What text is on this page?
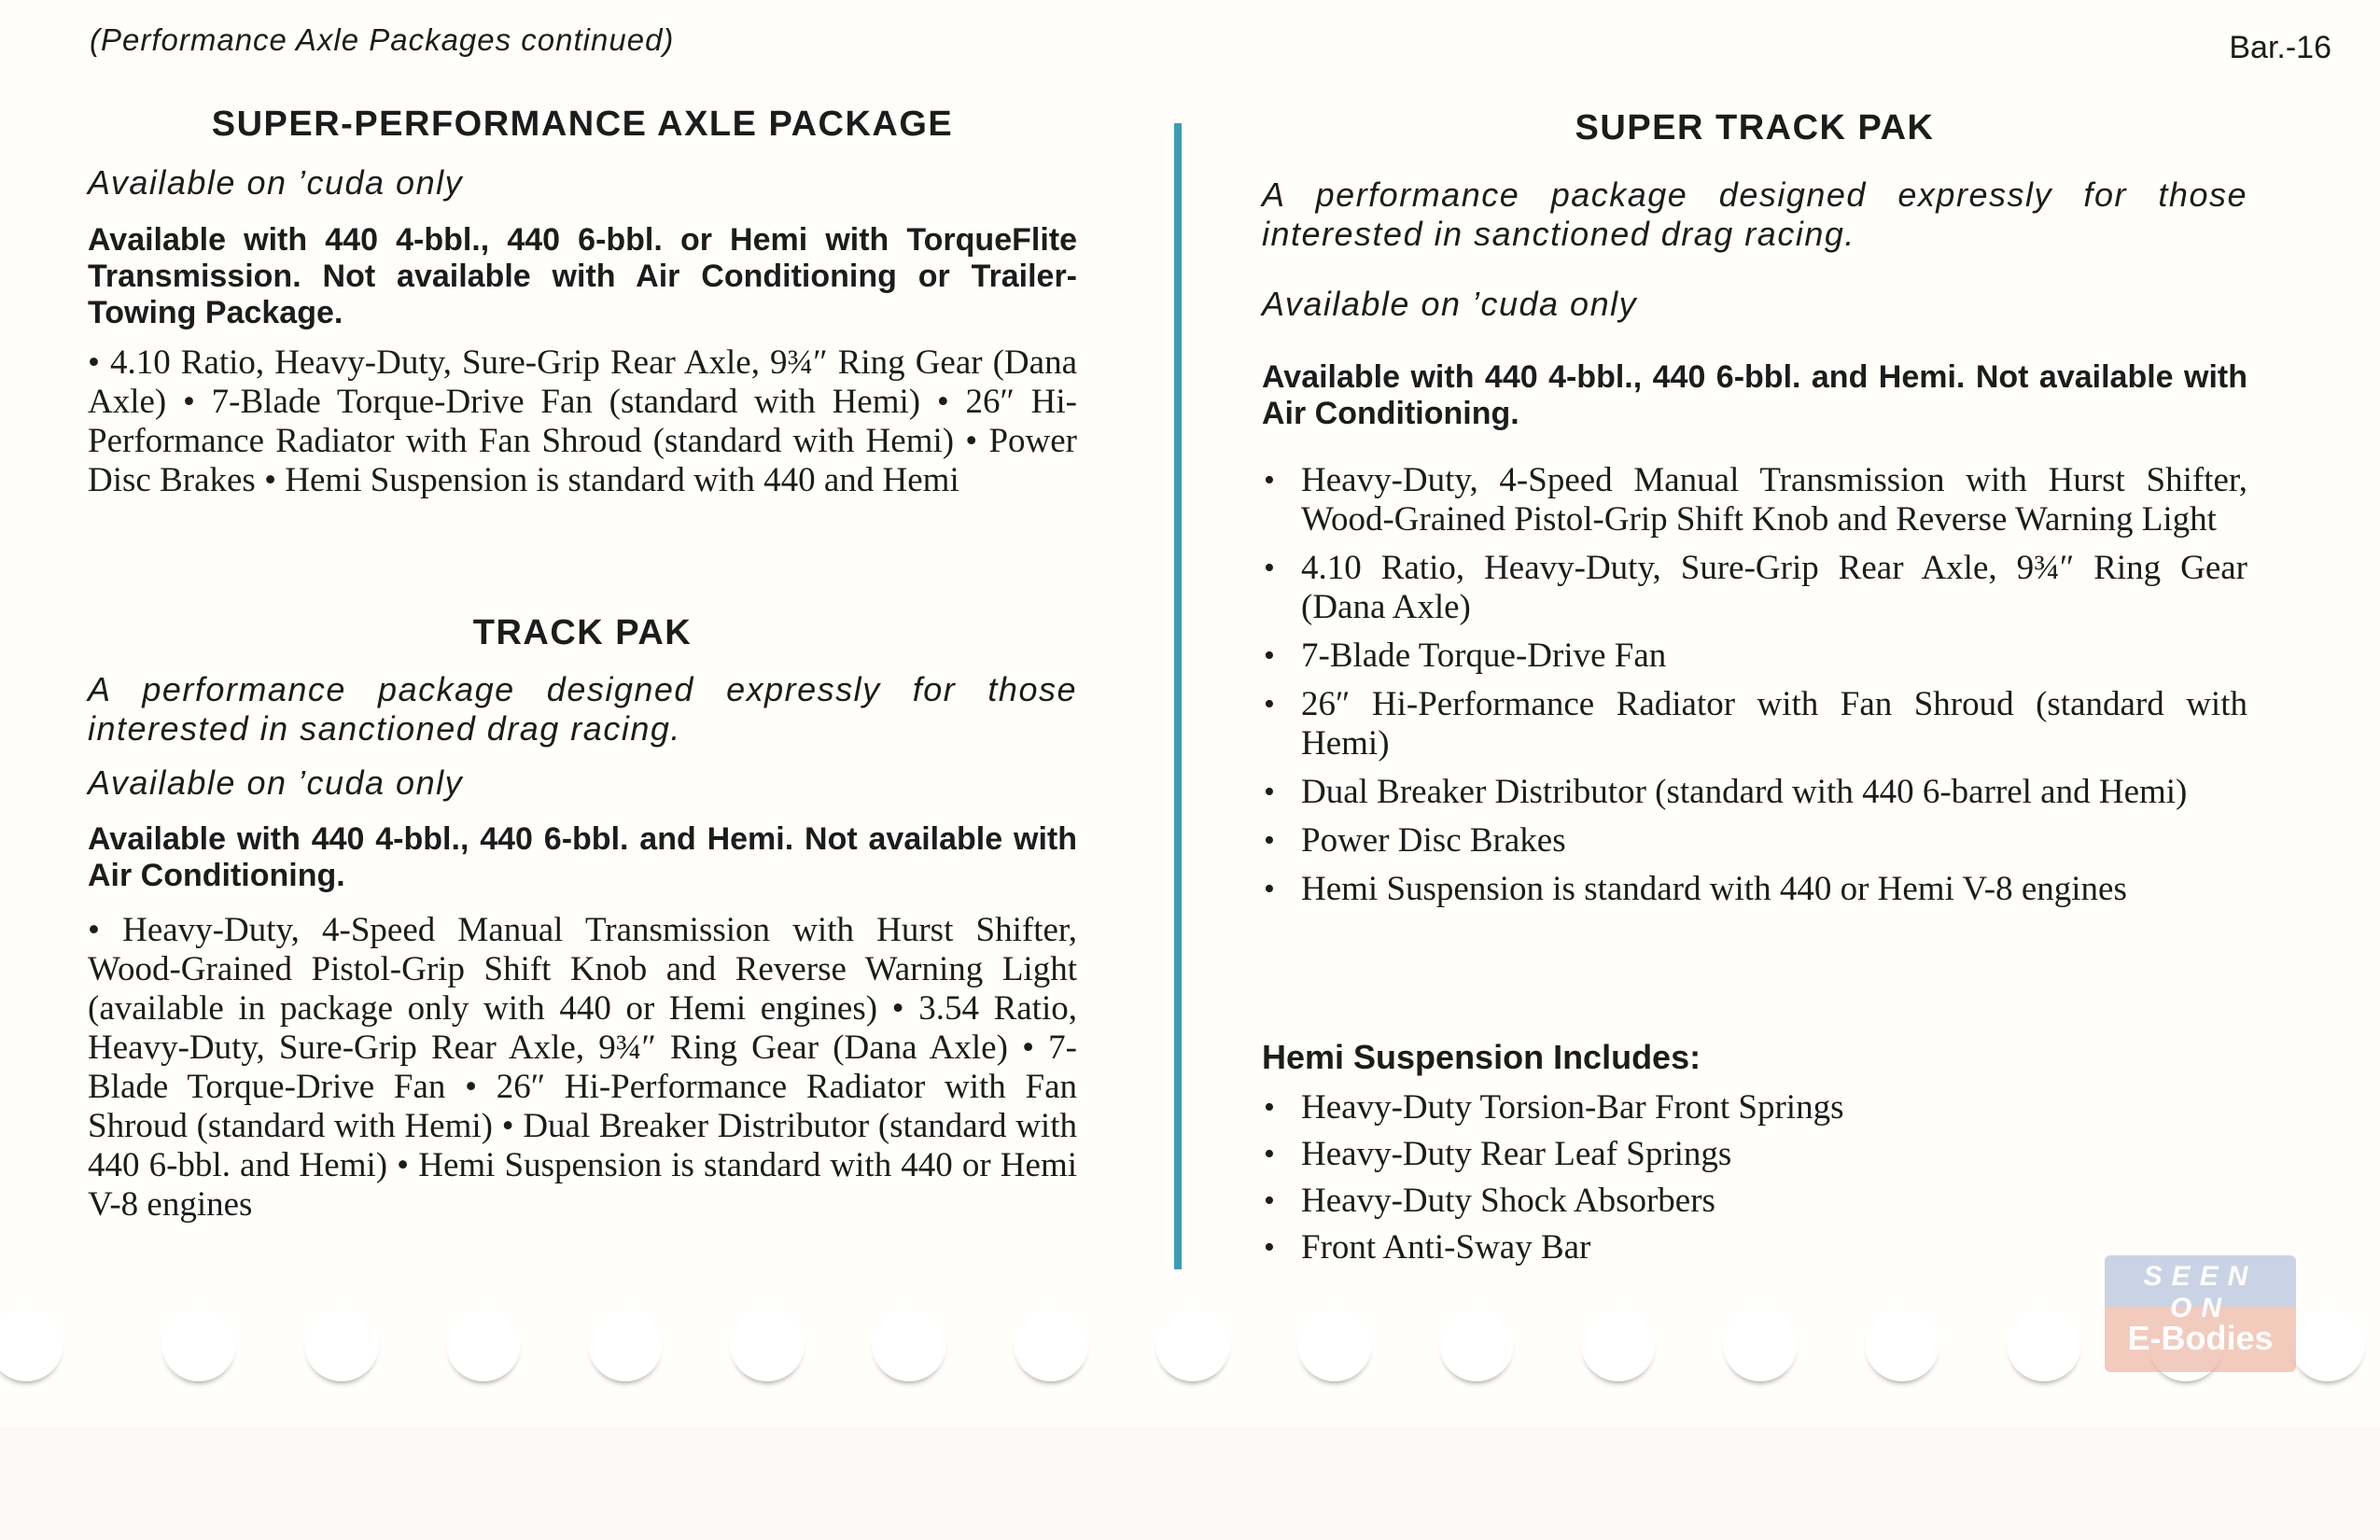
(Performance Axle Packages continued)	Bar.-16
SUPER-PERFORMANCE AXLE PACKAGE
Available on ’cuda only
Available with 440 4-bbl., 440 6-bbl. or Hemi with TorqueFlite Transmission. Not available with Air Conditioning or Trailer-Towing Package.
• 4.10 Ratio, Heavy-Duty, Sure-Grip Rear Axle, 9¾″ Ring Gear (Dana Axle) • 7-Blade Torque-Drive Fan (standard with Hemi) • 26″ Hi-Performance Radiator with Fan Shroud (standard with Hemi) • Power Disc Brakes • Hemi Suspension is standard with 440 and Hemi
TRACK PAK
A performance package designed expressly for those interested in sanctioned drag racing.
Available on ’cuda only
Available with 440 4-bbl., 440 6-bbl. and Hemi. Not available with Air Conditioning.
• Heavy-Duty, 4-Speed Manual Transmission with Hurst Shifter, Wood-Grained Pistol-Grip Shift Knob and Reverse Warning Light (available in package only with 440 or Hemi engines) • 3.54 Ratio, Heavy-Duty, Sure-Grip Rear Axle, 9¾″ Ring Gear (Dana Axle) • 7-Blade Torque-Drive Fan • 26″ Hi-Performance Radiator with Fan Shroud (standard with Hemi) • Dual Breaker Distributor (standard with 440 6-bbl. and Hemi) • Hemi Suspension is standard with 440 or Hemi V-8 engines
SUPER TRACK PAK
A performance package designed expressly for those interested in sanctioned drag racing.
Available on ’cuda only
Available with 440 4-bbl., 440 6-bbl. and Hemi. Not available with Air Conditioning.
• Heavy-Duty, 4-Speed Manual Transmission with Hurst Shifter, Wood-Grained Pistol-Grip Shift Knob and Reverse Warning Light
• 4.10 Ratio, Heavy-Duty, Sure-Grip Rear Axle, 9¾″ Ring Gear (Dana Axle)
• 7-Blade Torque-Drive Fan
• 26″ Hi-Performance Radiator with Fan Shroud (standard with Hemi)
• Dual Breaker Distributor (standard with 440 6-barrel and Hemi)
• Power Disc Brakes
• Hemi Suspension is standard with 440 or Hemi V-8 engines
Hemi Suspension Includes:
• Heavy-Duty Torsion-Bar Front Springs
• Heavy-Duty Rear Leaf Springs
• Heavy-Duty Shock Absorbers
• Front Anti-Sway Bar
SEEN ON
E-Bodies
